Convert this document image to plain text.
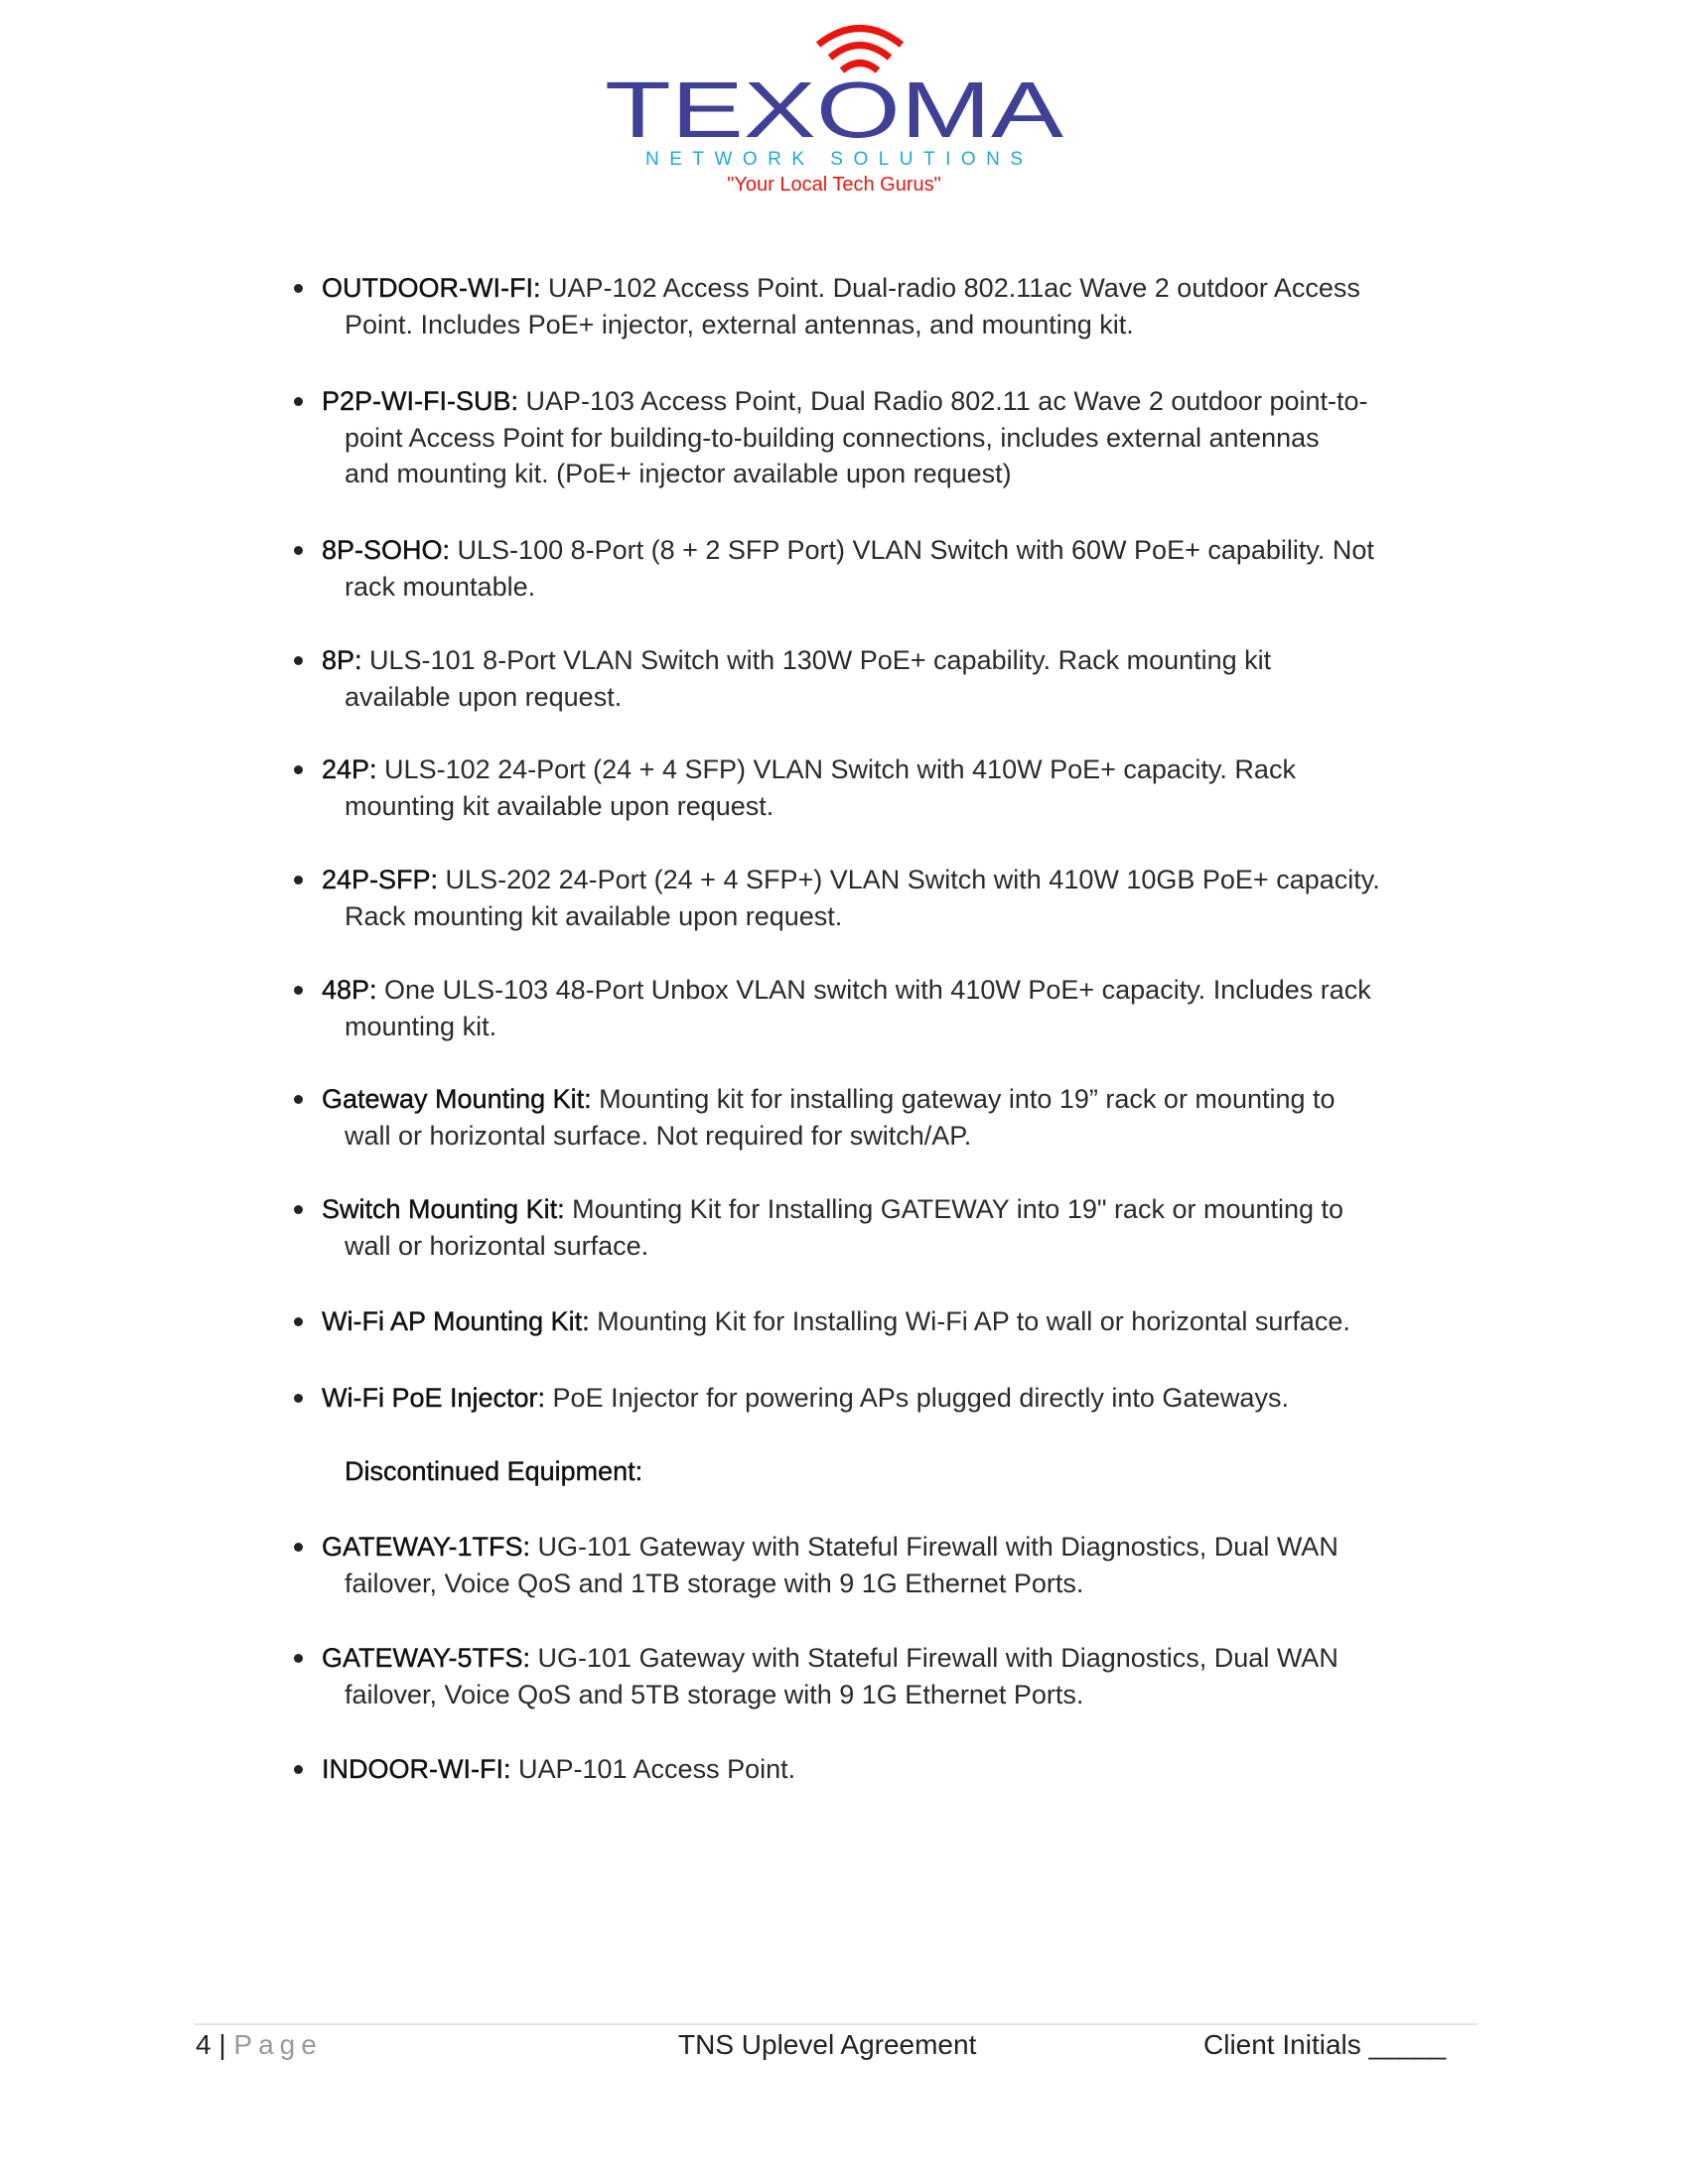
TEXOMA
NETWORK SOLUTIONS
"Your Local Tech Gurus"
OUTDOOR-WI-FI: UAP-102 Access Point. Dual-radio 802.11ac Wave 2 outdoor Access
Point. Includes PoE+ injector, external antennas, and mounting kit.
P2P-WI-FI-SUB: UAP-103 Access Point, Dual Radio 802.11 ac Wave 2 outdoor point-to-
point Access Point for building-to-building connections, includes external antennas
and mounting kit. (PoE+ injector available upon request)
8P-SOHO: ULS-100 8-Port (8 + 2 SFP Port) VLAN Switch with 60W PoE+ capability. Not
rack mountable.
8P: ULS-101 8-Port VLAN Switch with 130W PoE+ capability. Rack mounting kit
available upon request.
24P: ULS-102 24-Port (24 + 4 SFP) VLAN Switch with 410W PoE+ capacity. Rack
mounting kit available upon request.
24P-SFP: ULS-202 24-Port (24 + 4 SFP+) VLAN Switch with 410W 10GB PoE+ capacity.
Rack mounting kit available upon request.
48P: One ULS-103 48-Port Unbox VLAN switch with 410W PoE+ capacity. Includes rack
mounting kit.
Gateway Mounting Kit: Mounting kit for installing gateway into 19” rack or mounting to
wall or horizontal surface. Not required for switch/AP.
Switch Mounting Kit: Mounting Kit for Installing GATEWAY into 19" rack or mounting to
wall or horizontal surface.
Wi-Fi AP Mounting Kit: Mounting Kit for Installing Wi-Fi AP to wall or horizontal surface.
Wi-Fi PoE Injector: PoE Injector for powering APs plugged directly into Gateways.
GATEWAY-1TFS: UG-101 Gateway with Stateful Firewall with Diagnostics, Dual WAN
failover, Voice QoS and 1TB storage with 9 1G Ethernet Ports.
GATEWAY-5TFS: UG-101 Gateway with Stateful Firewall with Diagnostics, Dual WAN
failover, Voice QoS and 5TB storage with 9 1G Ethernet Ports.
INDOOR-WI-FI: UAP-101 Access Point.
Discontinued Equipment:
4 | Page	TNS Uplevel Agreement	Client Initials _____
